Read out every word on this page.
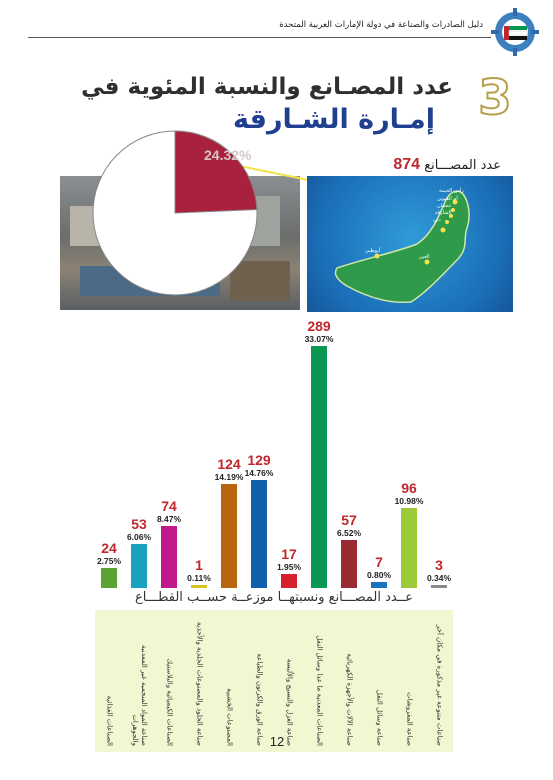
دليل الصادرات والصناعة في دولة الإمارات العربية المتحدة
3
عدد المصـانع والنسبة المئوية في
إمـارة الشـارقة
24.32%
عدد المصـــانع 874
رأس الخيمة
أم القيوين
عجمان
الشارقة
دبي
أبوظبي
العين
2.75%
24
6.06%
53	8.47%
74
0.11%
1
14.19%
124
14.76%
129
1.95%
17
33.07%
289
6.52%
57
0.80%
7
10.98%
96
0.34%
3
عــدد المصـــانع ونسبتهــا موزعــة حســب القطـــاع
الصناعات الغذائية	صناعة المواد المنجمية غير المعدنية والجوهرات	الصناعات الكيميائية والبلاستيك	صناعة الجلود والمصنوعات الجلدية والأحذية	المصنوعات الخشبية	صناعة الورق والكرتون والطباعة	صناعة الغزل والنسيج والألبسة	الصناعات المعدنية ما عدا وسائل النقل	صناعة الآلات والأجهزة الكهربائية	صناعة وسائل النقل	صناعة المفروشات	صناعات متنوعة غير مذكورة في مكان آخر
12
